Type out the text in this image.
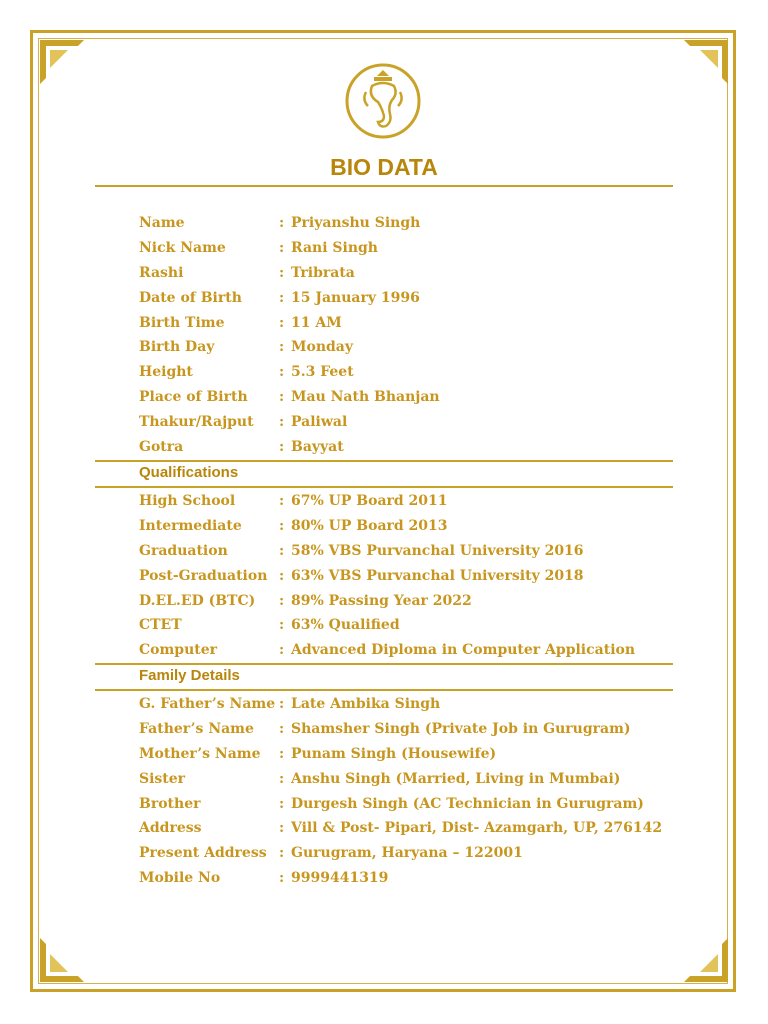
BIO DATA
Name	: Priyanshu Singh
Nick Name	: Rani Singh
Rashi	: Tribrata
Date of Birth	: 15 January 1996
Birth Time	: 11 AM
Birth Day	: Monday
Height	: 5.3 Feet
Place of Birth : Mau Nath Bhanjan
Thakur/Rajput : Paliwal
Gotra	: Bayyat
Qualifications
High School	: 67% UP Board 2011
Intermediate	: 80% UP Board 2013
Graduation	: 58% VBS Purvanchal University 2016
Post-Graduation : 63% VBS Purvanchal University 2018
D.EL.ED (BTC) : 89% Passing Year 2022
CTET	: 63% Qualified
Computer	: Advanced Diploma in Computer Application
Family Details
G. Father’s Name : Late Ambika Singh
Father’s Name : Shamsher Singh (Private Job in Gurugram)
Mother’s Name : Punam Singh (Housewife)
Sister	: Anshu Singh (Married, Living in Mumbai)
Brother	: Durgesh Singh (AC Technician in Gurugram)
Address	: Vill & Post- Pipari, Dist- Azamgarh, UP, 276142
Present Address : Gurugram, Haryana – 122001
Mobile No	: 9999441319
